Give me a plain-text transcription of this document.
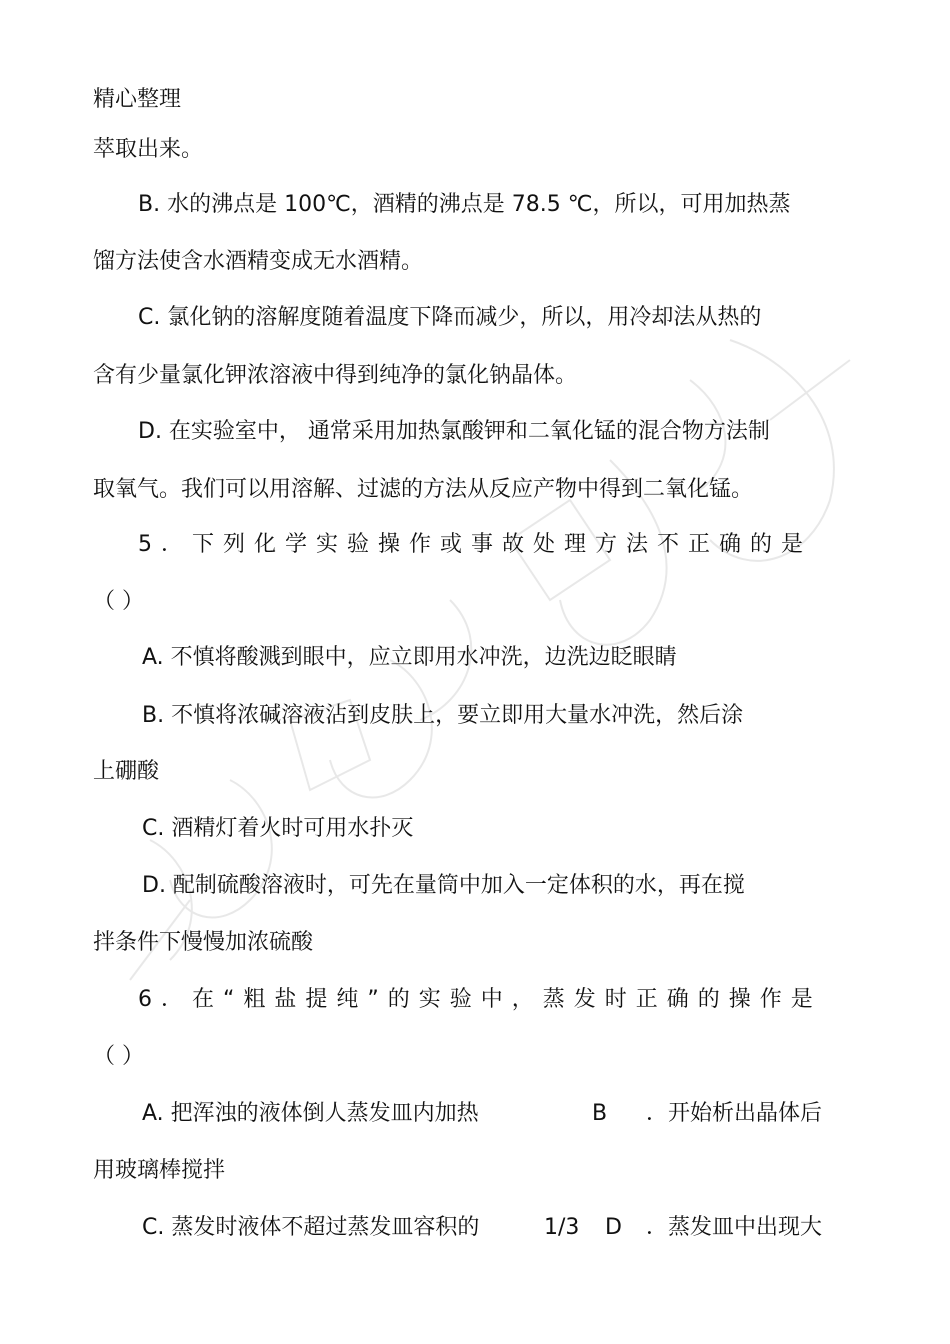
精心整理
萃取出来。
B. 水的沸点是 100℃，酒精的沸点是 78.5 ℃，所以，可用加热蒸
馏方法使含水酒精变成无水酒精。
C. 氯化钠的溶解度随着温度下降而减少，所以，用冷却法从热的
含有少量氯化钾浓溶液中得到纯净的氯化钠晶体。
D. 在实验室中， 通常采用加热氯酸钾和二氧化锰的混合物方法制
取氧气。我们可以用溶解、过滤的方法从反应产物中得到二氧化锰。
5．下列化学实验操作或事故处理方法不正确的是
（ ）
A. 不慎将酸溅到眼中，应立即用水冲洗，边洗边眨眼睛
B. 不慎将浓碱溶液沾到皮肤上，要立即用大量水冲洗，然后涂
上硼酸
C. 酒精灯着火时可用水扑灭
D. 配制硫酸溶液时，可先在量筒中加入一定体积的水，再在搅
拌条件下慢慢加浓硫酸
6．在“粗盐提纯”的实验中，蒸发时正确的操作是
（ ）
A. 把浑浊的液体倒人蒸发皿内加热	B ．开始析出晶体后
用玻璃棒搅拌
C. 蒸发时液体不超过蒸发皿容积的	1/3 D ．蒸发皿中出现大
